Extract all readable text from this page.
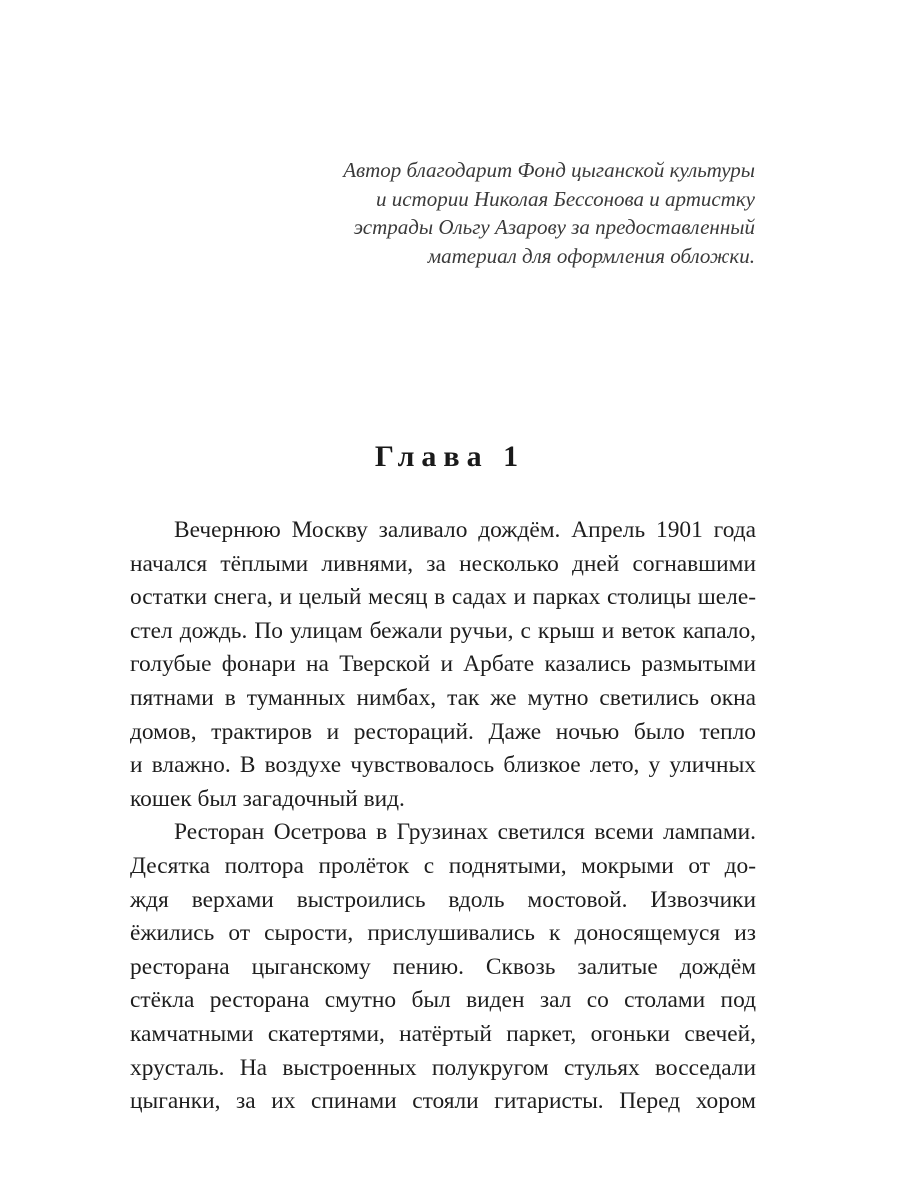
Автор благодарит Фонд цыганской культуры
и истории Николая Бессонова и артистку
эстрады Ольгу Азарову за предоставленный
материал для оформления обложки.
Глава 1
Вечернюю Москву заливало дождём. Апрель 1901 года
начался тёплыми ливнями, за несколько дней согнавшими
остатки снега, и целый месяц в садах и парках столицы шеле-
стел дождь. По улицам бежали ручьи, с крыш и веток капало,
голубые фонари на Тверской и Арбате казались размытыми
пятнами в туманных нимбах, так же мутно светились окна
домов, трактиров и рестораций. Даже ночью было тепло
и влажно. В воздухе чувствовалось близкое лето, у уличных
кошек был загадочный вид.
Ресторан Осетрова в Грузинах светился всеми лампами.
Десятка полтора пролёток с поднятыми, мокрыми от до-
ждя верхами выстроились вдоль мостовой. Извозчики
ёжились от сырости, прислушивались к доносящемуся из
ресторана цыганскому пению. Сквозь залитые дождём
стёкла ресторана смутно был виден зал со столами под
камчатными скатертями, натёртый паркет, огоньки свечей,
хрусталь. На выстроенных полукругом стульях восседали
цыганки, за их спинами стояли гитаристы. Перед хором
